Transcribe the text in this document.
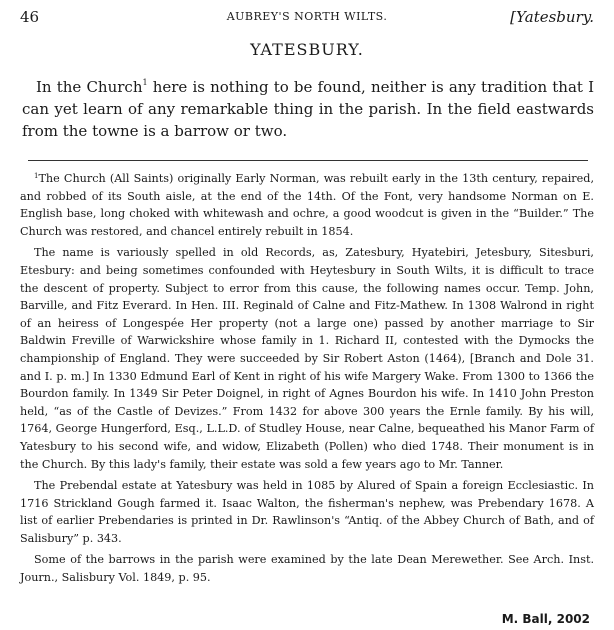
46	AUBREY'S NORTH WILTS.	[Yatesbury.
YATESBURY.

In the Church$^1$ here is nothing to be found, neither is any tradition that I can yet learn of any remarkable thing in the parish. In the field eastwards from the towne is a barrow or two.

$^1$The Church (All Saints) originally Early Norman, was rebuilt early in the 13th century, repaired, and robbed of its South aisle, at the end of the 14th. Of the Font, very handsome Norman on E. English base, long choked with whitewash and ochre, a good woodcut is given in the “Builder.” The Church was restored, and chancel entirely rebuilt in 1854.

The name is variously spelled in old Records, as, Zatesbury, Hyatebiri, Jetesbury, Sitesburi, Etesbury: and being sometimes confounded with Heytesbury in South Wilts, it is difficult to trace the descent of property. Subject to error from this cause, the following names occur. Temp. John, Barville, and Fitz Everard. In Hen. III. Reginald of Calne and Fitz-Mathew. In 1308 Walrond in right of an heiress of Longespée Her property (not a large one) passed by another marriage to Sir Baldwin Freville of Warwickshire whose family in 1. Richard II, contested with the Dymocks the championship of England. They were succeeded by Sir Robert Aston (1464), [Branch and Dole 31. and I. p. m.] In 1330 Edmund Earl of Kent in right of his wife Margery Wake. From 1300 to 1366 the Bourdon family. In 1349 Sir Peter Doignel, in right of Agnes Bourdon his wife. In 1410 John Preston held, “as of the Castle of Devizes.” From 1432 for above 300 years the Ernle family. By his will, 1764, George Hungerford, Esq., L.L.D. of Studley House, near Calne, bequeathed his Manor Farm of Yatesbury to his second wife, and widow, Elizabeth (Pollen) who died 1748. Their monument is in the Church. By this lady's family, their estate was sold a few years ago to Mr. Tanner.

The Prebendal estate at Yatesbury was held in 1085 by Alured of Spain a foreign Ecclesiastic. In 1716 Strickland Gough farmed it. Isaac Walton, the fisherman's nephew, was Prebendary 1678. A list of earlier Prebendaries is printed in Dr. Rawlinson's “Antiq. of the Abbey Church of Bath, and of Salisbury” p. 343.

Some of the barrows in the parish were examined by the late Dean Merewether. See Arch. Inst. Journ., Salisbury Vol. 1849, p. 95.

M. Ball, 2002
